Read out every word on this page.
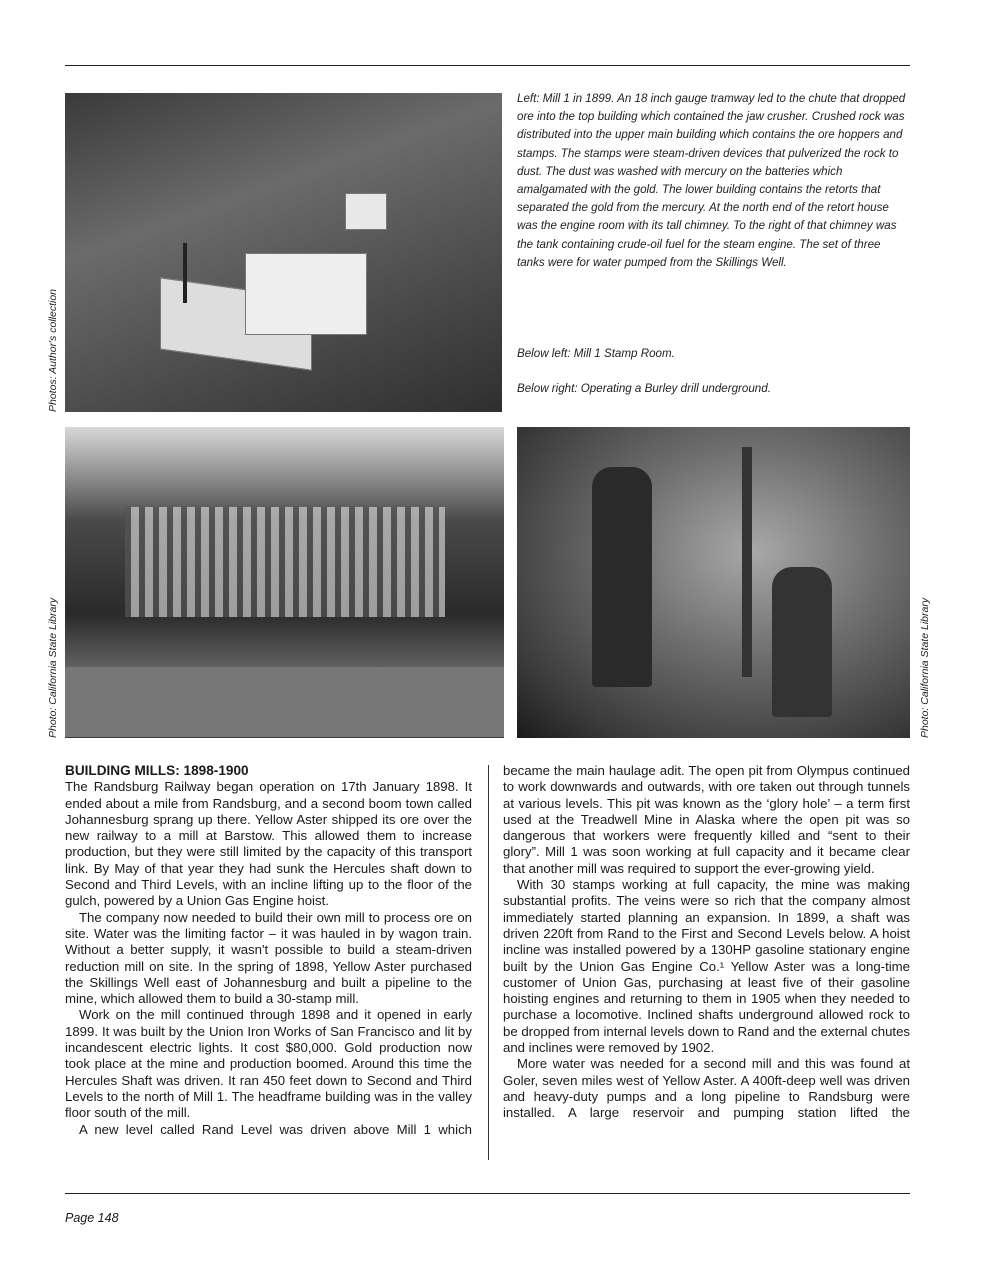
Photos: Author's collection
Photo: California State Library	Photo: California State Library
Left: Mill 1 in 1899. An 18 inch gauge tramway led to the chute that dropped ore into the top building which contained the jaw crusher. Crushed rock was distributed into the upper main building which contains the ore hoppers and stamps. The stamps were steam-driven devices that pulverized the rock to dust. The dust was washed with mercury on the batteries which amalgamated with the gold. The lower building contains the retorts that separated the gold from the mercury. At the north end of the retort house was the engine room with its tall chimney. To the right of that chimney was the tank containing crude-oil fuel for the steam engine. The set of three tanks were for water pumped from the Skillings Well.
Below left: Mill 1 Stamp Room.
Below right: Operating a Burley drill underground.
BUILDING MILLS: 1898-1900

The Randsburg Railway began operation on 17th January 1898. It ended about a mile from Randsburg, and a second boom town called Johannesburg sprang up there. Yellow Aster shipped its ore over the new railway to a mill at Barstow. This allowed them to increase production, but they were still limited by the capacity of this transport link. By May of that year they had sunk the Hercules shaft down to Second and Third Levels, with an incline lifting up to the floor of the gulch, powered by a Union Gas Engine hoist.

The company now needed to build their own mill to process ore on site. Water was the limiting factor – it was hauled in by wagon train. Without a better supply, it wasn't possible to build a steam-driven reduction mill on site. In the spring of 1898, Yellow Aster purchased the Skillings Well east of Johannesburg and built a pipeline to the mine, which allowed them to build a 30-stamp mill.

Work on the mill continued through 1898 and it opened in early 1899. It was built by the Union Iron Works of San Francisco and lit by incandescent electric lights. It cost $80,000. Gold production now took place at the mine and production boomed. Around this time the Hercules Shaft was driven. It ran 450 feet down to Second and Third Levels to the north of Mill 1. The headframe building was in the valley floor south of the mill.

A new level called Rand Level was driven above Mill 1 which

became the main haulage adit. The open pit from Olympus continued to work downwards and outwards, with ore taken out through tunnels at various levels. This pit was known as the ‘glory hole’ – a term first used at the Treadwell Mine in Alaska where the open pit was so dangerous that workers were frequently killed and “sent to their glory”. Mill 1 was soon working at full capacity and it became clear that another mill was required to support the ever-growing yield.

With 30 stamps working at full capacity, the mine was making substantial profits. The veins were so rich that the company almost immediately started planning an expansion. In 1899, a shaft was driven 220ft from Rand to the First and Second Levels below. A hoist incline was installed powered by a 130HP gasoline stationary engine built by the Union Gas Engine Co.¹ Yellow Aster was a long-time customer of Union Gas, purchasing at least five of their gasoline hoisting engines and returning to them in 1905 when they needed to purchase a locomotive. Inclined shafts underground allowed rock to be dropped from internal levels down to Rand and the external chutes and inclines were removed by 1902.

More water was needed for a second mill and this was found at Goler, seven miles west of Yellow Aster. A 400ft-deep well was driven and heavy-duty pumps and a long pipeline to Randsburg were installed. A large reservoir and pumping station lifted the

Page 148
